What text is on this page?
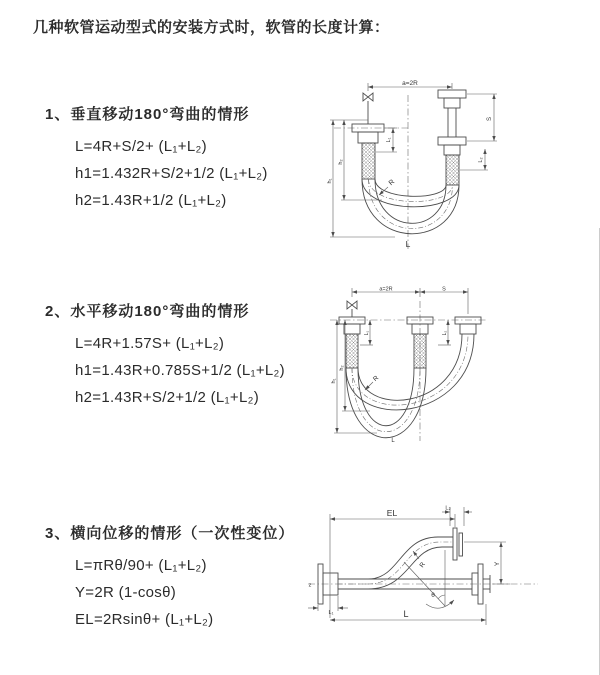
几种软管运动型式的安装方式时，软管的长度计算：

1、垂直移动180°弯曲的情形

L=4R+S/2+ (L₁+L₂)

h1=1.432R+S/2+1/2 (L₁+L₂)

h2=1.43R+1/2 (L₁+L₂)

a=2R
S
L₂
L₁
h₁
h₂
R
L

2、水平移动180°弯曲的情形

L=4R+1.57S+ (L₁+L₂)

h1=1.43R+0.785S+1/2 (L₁+L₂)

h2=1.43R+S/2+1/2 (L₁+L₂)

a=2R	S
L₁	L₂
h₁
h₂
R
L

3、横向位移的情形（一次性变位）

L=πRθ/90+ (L₁+L₂)

Y=2R (1-cosθ)

EL=2Rsinθ+ (L₁+L₂)

EL	L₂
Y
R
θ
L₁	L
z
